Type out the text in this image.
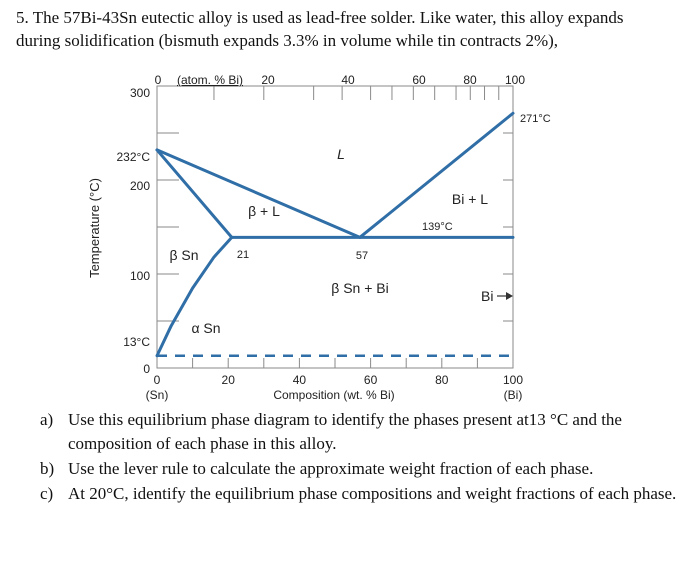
5. The 57Bi-43Sn eutectic alloy is used as lead-free solder. Like water, this alloy expands

during solidification (bismuth expands 3.3% in volume while tin contracts 2%),

0	20	40	60	80	100
(Sn)	(Bi)
Composition (wt. % Bi)
0
100
200
300
Temperature (°C)
0 (atom. % Bi) 20	40	60	80 100
232°C
271°C
139°C
13°C
21	57
L
β + L
Bi + L
β Sn
β Sn + Bi
α Sn
Bi
a) Use this equilibrium phase diagram to identify the phases present at13 °C and the composition of each phase in this alloy.
b) Use the lever rule to calculate the approximate weight fraction of each phase.
c) At 20°C, identify the equilibrium phase compositions and weight fractions of each phase.
